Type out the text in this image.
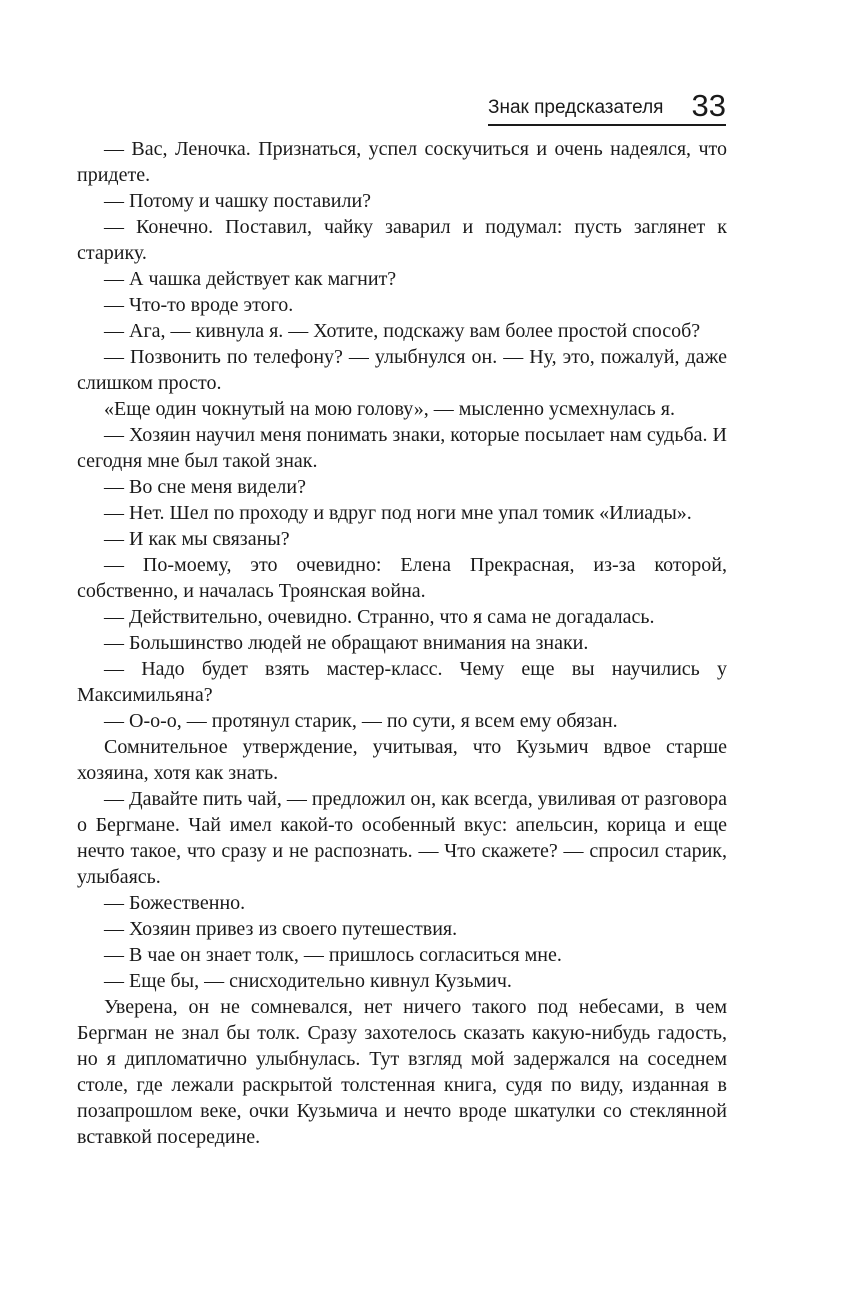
Знак предсказателя 33

— Вас, Леночка. Признаться, успел соскучиться и очень надеялся, что придете.

— Потому и чашку поставили?

— Конечно. Поставил, чайку заварил и подумал: пусть заглянет к старику.

— А чашка действует как магнит?

— Что-то вроде этого.

— Ага, — кивнула я. — Хотите, подскажу вам более простой способ?

— Позвонить по телефону? — улыбнулся он. — Ну, это, пожалуй, даже слишком просто.

«Еще один чокнутый на мою голову», — мысленно усмехнулась я.

— Хозяин научил меня понимать знаки, которые посылает нам судьба. И сегодня мне был такой знак.

— Во сне меня видели?

— Нет. Шел по проходу и вдруг под ноги мне упал томик «Илиады».

— И как мы связаны?

— По-моему, это очевидно: Елена Прекрасная, из-за которой, собственно, и началась Троянская война.

— Действительно, очевидно. Странно, что я сама не догадалась.

— Большинство людей не обращают внимания на знаки.

— Надо будет взять мастер-класс. Чему еще вы научились у Максимильяна?

— О-о-о, — протянул старик, — по сути, я всем ему обязан.

Сомнительное утверждение, учитывая, что Кузьмич вдвое старше хозяина, хотя как знать.

— Давайте пить чай, — предложил он, как всегда, увиливая от разговора о Бергмане. Чай имел какой-то особенный вкус: апельсин, корица и еще нечто такое, что сразу и не распознать. — Что скажете? — спросил старик, улыбаясь.

— Божественно.

— Хозяин привез из своего путешествия.

— В чае он знает толк, — пришлось согласиться мне.

— Еще бы, — снисходительно кивнул Кузьмич.

Уверена, он не сомневался, нет ничего такого под небесами, в чем Бергман не знал бы толк. Сразу захотелось сказать какую-нибудь гадость, но я дипломатично улыбнулась. Тут взгляд мой задержался на соседнем столе, где лежали раскрытой толстенная книга, судя по виду, изданная в позапрошлом веке, очки Кузьмича и нечто вроде шкатулки со стеклянной вставкой посередине.
